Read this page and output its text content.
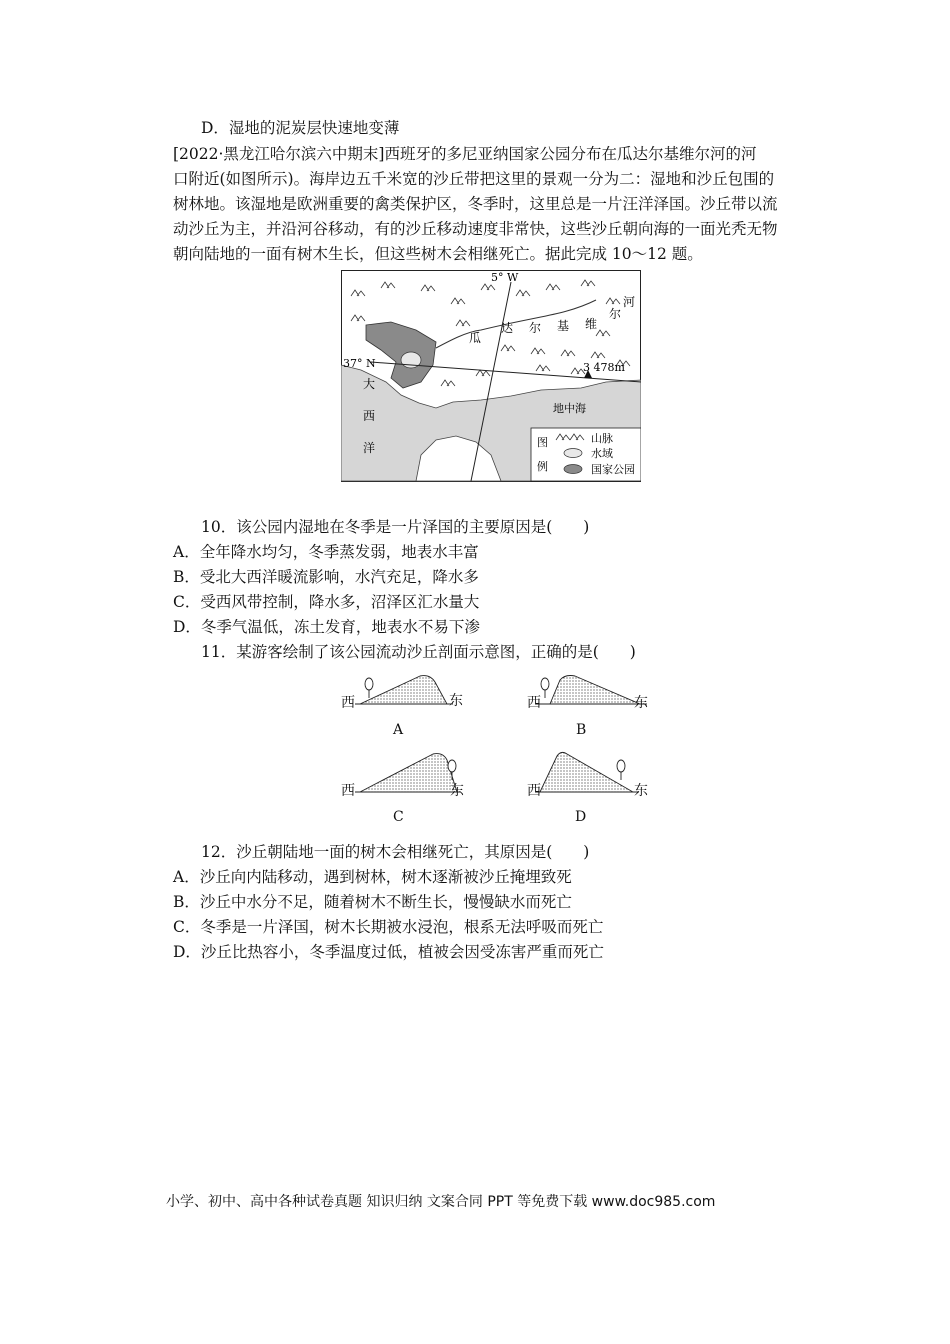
D．湿地的泥炭层快速地变薄
[2022·黑龙江哈尔滨六中期末]西班牙的多尼亚纳国家公园分布在瓜达尔基维尔河的河
口附近(如图所示)。海岸边五千米宽的沙丘带把这里的景观一分为二：湿地和沙丘包围的
树林地。该湿地是欧洲重要的禽类保护区，冬季时，这里总是一片汪洋泽国。沙丘带以流
动沙丘为主，并沿河谷移动，有的沙丘移动速度非常快，这些沙丘朝向海的一面光秃无物
朝向陆地的一面有树木生长，但这些树木会相继死亡。据此完成 10～12 题。
5° W
37° N	3 478m
瓜
达 尔 基 维
尔
河
大
西
洋
地中海
图
例
山脉
水域
国家公园
10．该公园内湿地在冬季是一片泽国的主要原因是(　　)
A．全年降水均匀，冬季蒸发弱，地表水丰富
B．受北大西洋暖流影响，水汽充足，降水多
C．受西风带控制，降水多，沼泽区汇水量大
D．冬季气温低，冻土发育，地表水不易下渗
11．某游客绘制了该公园流动沙丘剖面示意图，正确的是(　　)
西	东
A
西	东
B
西	东
C
西	东
D
12．沙丘朝陆地一面的树木会相继死亡，其原因是(　　)
A．沙丘向内陆移动，遇到树林，树木逐渐被沙丘掩埋致死
B．沙丘中水分不足，随着树木不断生长，慢慢缺水而死亡
C．冬季是一片泽国，树木长期被水浸泡，根系无法呼吸而死亡
D．沙丘比热容小，冬季温度过低，植被会因受冻害严重而死亡
小学、初中、高中各种试卷真题 知识归纳 文案合同 PPT 等免费下载 www.doc985.com
